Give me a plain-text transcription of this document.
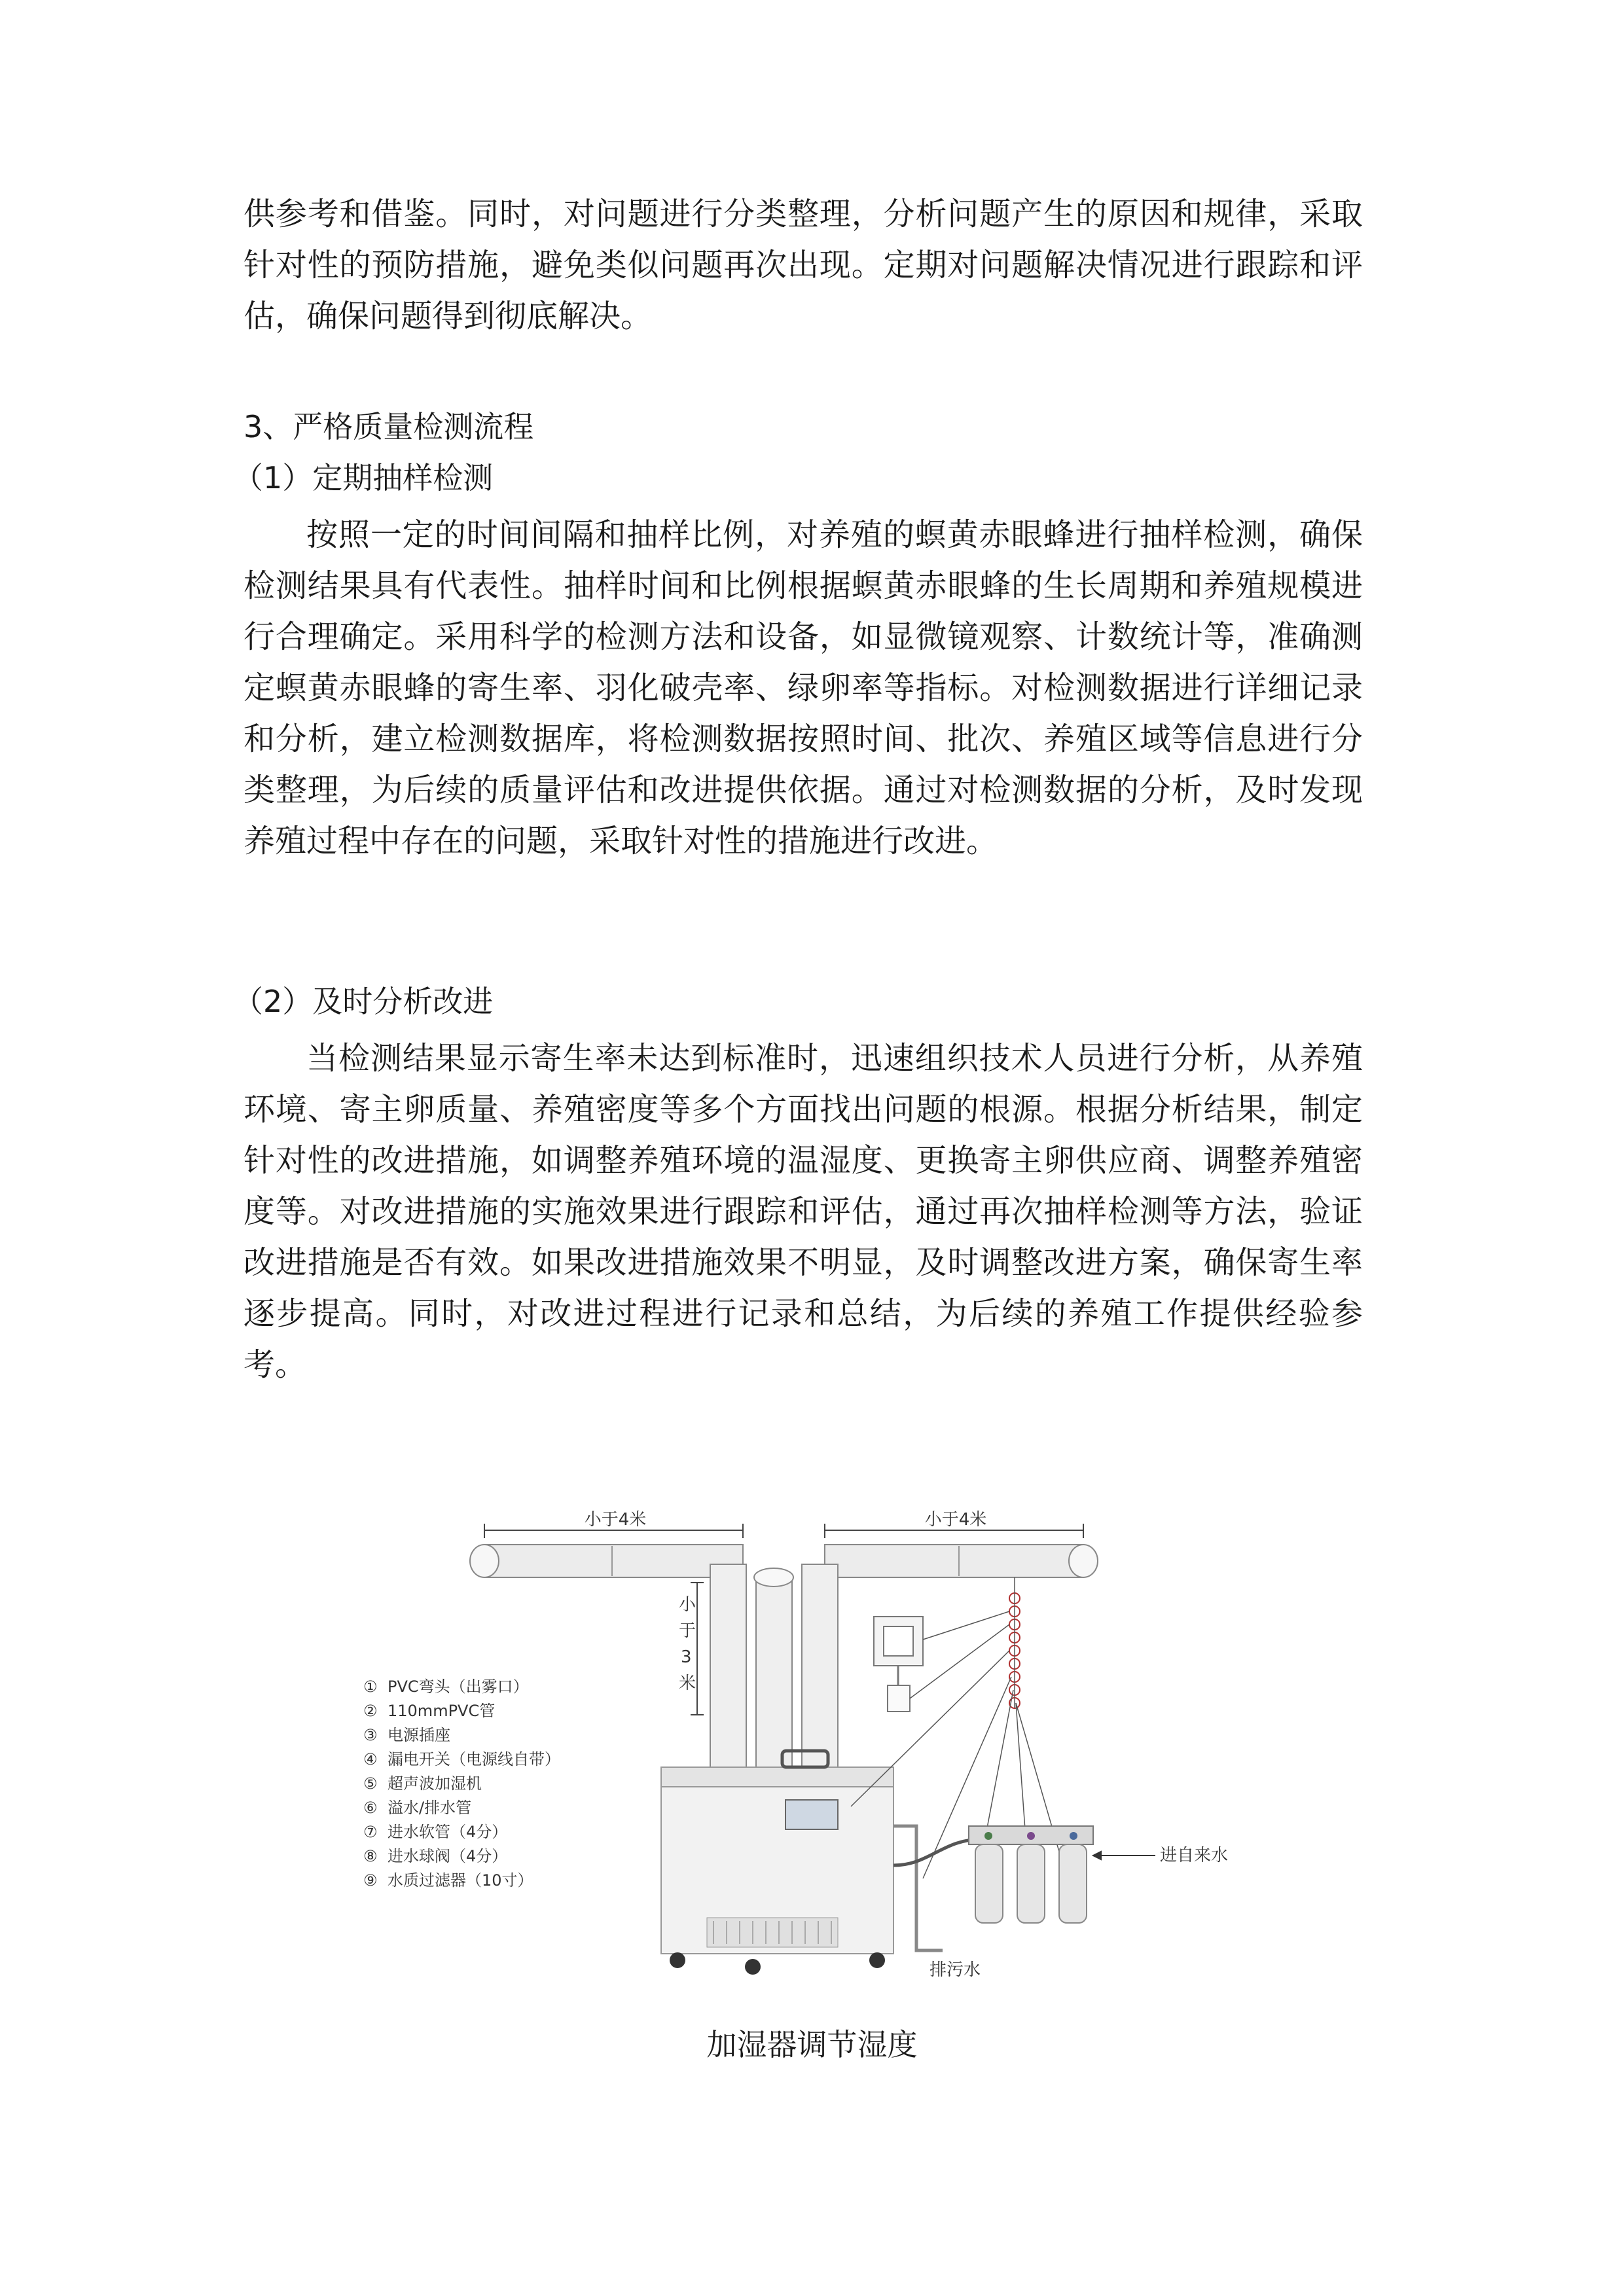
供参考和借鉴。同时，对问题进行分类整理，分析问题产生的原因和规律，采取针对性的预防措施，避免类似问题再次出现。定期对问题解决情况进行跟踪和评估，确保问题得到彻底解决。

3、严格质量检测流程

（1）定期抽样检测

按照一定的时间间隔和抽样比例，对养殖的螟黄赤眼蜂进行抽样检测，确保检测结果具有代表性。抽样时间和比例根据螟黄赤眼蜂的生长周期和养殖规模进行合理确定。采用科学的检测方法和设备，如显微镜观察、计数统计等，准确测定螟黄赤眼蜂的寄生率、羽化破壳率、绿卵率等指标。对检测数据进行详细记录和分析，建立检测数据库，将检测数据按照时间、批次、养殖区域等信息进行分类整理，为后续的质量评估和改进提供依据。通过对检测数据的分析，及时发现养殖过程中存在的问题，采取针对性的措施进行改进。

（2）及时分析改进

当检测结果显示寄生率未达到标准时，迅速组织技术人员进行分析，从养殖环境、寄主卵质量、养殖密度等多个方面找出问题的根源。根据分析结果，制定针对性的改进措施，如调整养殖环境的温湿度、更换寄主卵供应商、调整养殖密度等。对改进措施的实施效果进行跟踪和评估，通过再次抽样检测等方法，验证改进措施是否有效。如果改进措施效果不明显，及时调整改进方案，确保寄生率逐步提高。同时，对改进过程进行记录和总结，为后续的养殖工作提供经验参考。

小于4米	小于4米
小
于
3
米
进自来水
排污水
① PVC弯头（出雾口）
② 110mmPVC管
③ 电源插座
④ 漏电开关（电源线自带）
⑤ 超声波加湿机
⑥ 溢水/排水管
⑦ 进水软管（4分）
⑧ 进水球阀（4分）
⑨ 水质过滤器（10寸）
加湿器调节湿度
